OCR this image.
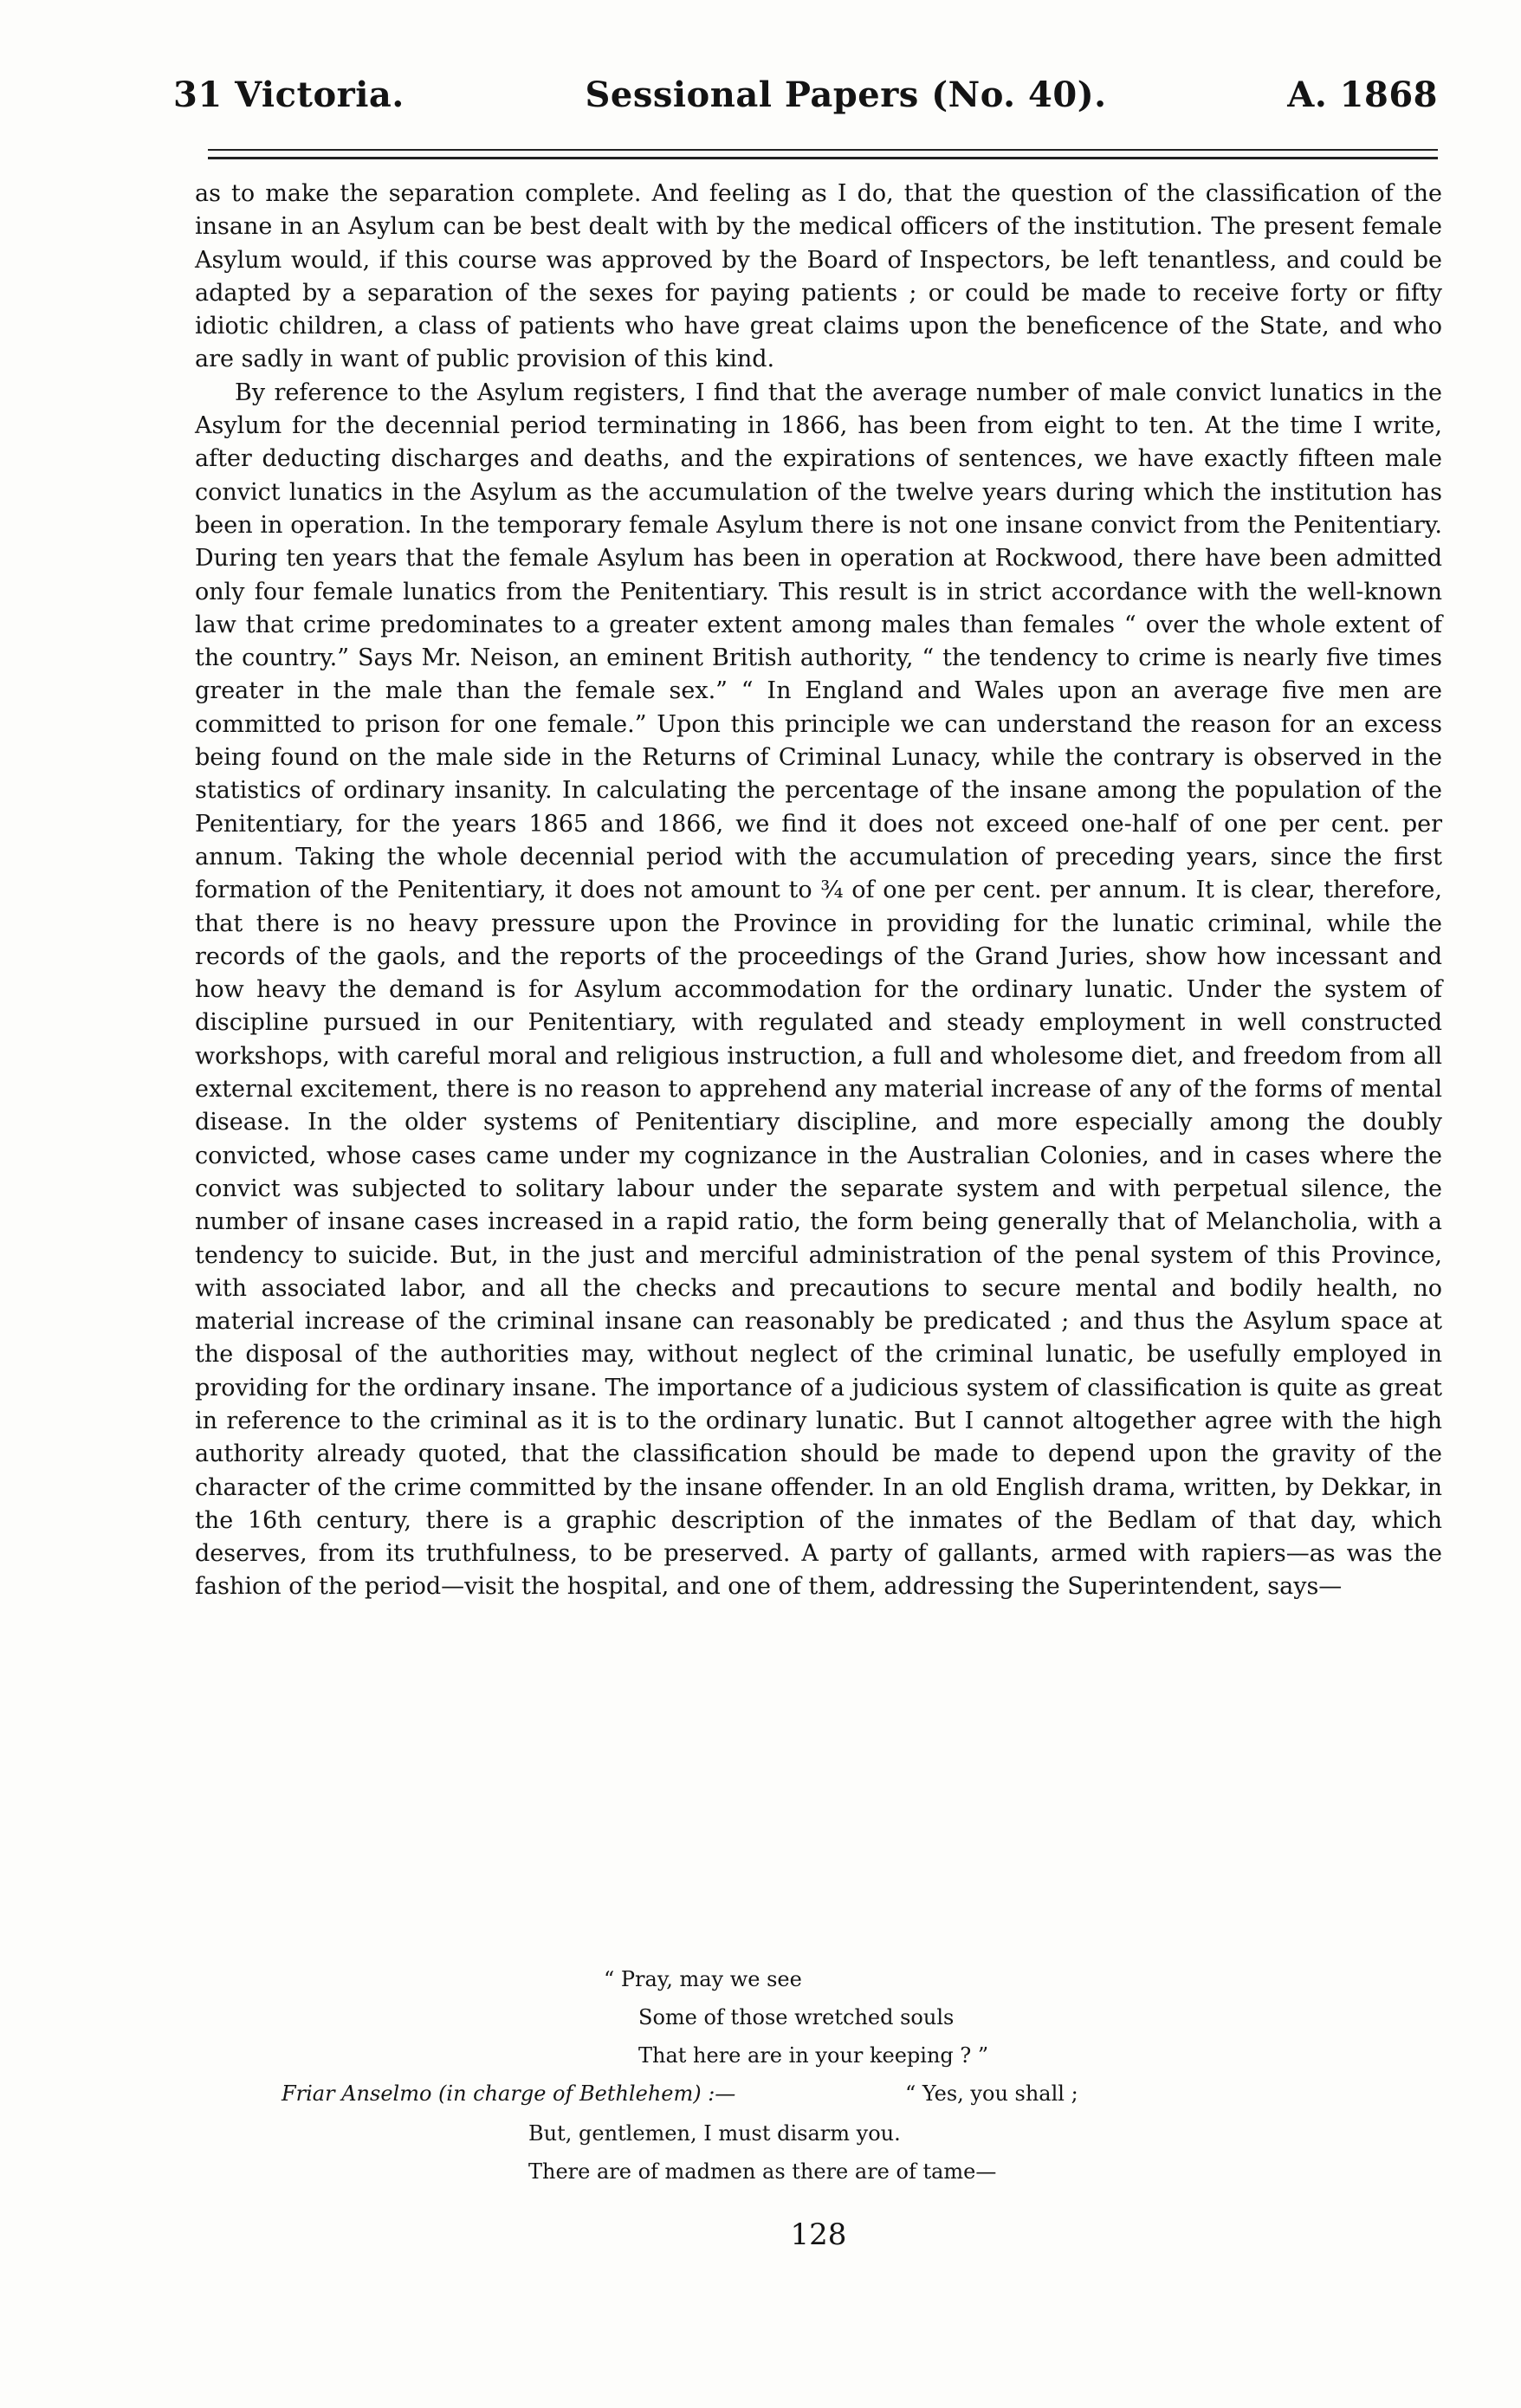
31 Victoria.	Sessional Papers (No. 40).	A. 1868

as to make the separation complete. And feeling as I do, that the question of the classification of the insane in an Asylum can be best dealt with by the medical officers of the institution. The present female Asylum would, if this course was approved by the Board of Inspectors, be left tenantless, and could be adapted by a separation of the sexes for paying patients ; or could be made to receive forty or fifty idiotic children, a class of patients who have great claims upon the beneficence of the State, and who are sadly in want of public provision of this kind.

By reference to the Asylum registers, I find that the average number of male convict lunatics in the Asylum for the decennial period terminating in 1866, has been from eight to ten. At the time I write, after deducting discharges and deaths, and the expirations of sentences, we have exactly fifteen male convict lunatics in the Asylum as the accumulation of the twelve years during which the institution has been in operation. In the temporary female Asylum there is not one insane convict from the Penitentiary. During ten years that the female Asylum has been in operation at Rockwood, there have been admitted only four female lunatics from the Penitentiary. This result is in strict accordance with the well-known law that crime predominates to a greater extent among males than females “ over the whole extent of the country.” Says Mr. Neison, an eminent British authority, “ the tendency to crime is nearly five times greater in the male than the female sex.” “ In England and Wales upon an average five men are committed to prison for one female.” Upon this principle we can understand the reason for an excess being found on the male side in the Returns of Criminal Lunacy, while the contrary is observed in the statistics of ordinary insanity. In calculating the percentage of the insane among the population of the Penitentiary, for the years 1865 and 1866, we find it does not exceed one-half of one per cent. per annum. Taking the whole decennial period with the accumulation of preceding years, since the first formation of the Penitentiary, it does not amount to ¾ of one per cent. per annum. It is clear, therefore, that there is no heavy pressure upon the Province in providing for the lunatic criminal, while the records of the gaols, and the reports of the proceedings of the Grand Juries, show how incessant and how heavy the demand is for Asylum accommodation for the ordinary lunatic. Under the system of discipline pursued in our Penitentiary, with regulated and steady employment in well constructed workshops, with careful moral and religious instruction, a full and wholesome diet, and freedom from all external excitement, there is no reason to apprehend any material increase of any of the forms of mental disease. In the older systems of Penitentiary discipline, and more especially among the doubly convicted, whose cases came under my cognizance in the Australian Colonies, and in cases where the convict was subjected to solitary labour under the separate system and with perpetual silence, the number of insane cases increased in a rapid ratio, the form being generally that of Melancholia, with a tendency to suicide. But, in the just and merciful administration of the penal system of this Province, with associated labor, and all the checks and precautions to secure mental and bodily health, no material increase of the criminal insane can reasonably be predicated ; and thus the Asylum space at the disposal of the authorities may, without neglect of the criminal lunatic, be usefully employed in providing for the ordinary insane. The importance of a judicious system of classification is quite as great in reference to the criminal as it is to the ordinary lunatic. But I cannot altogether agree with the high authority already quoted, that the classification should be made to depend upon the gravity of the character of the crime committed by the insane offender. In an old English drama, written, by Dekkar, in the 16th century, there is a graphic description of the inmates of the Bedlam of that day, which deserves, from its truthfulness, to be preserved. A party of gallants, armed with rapiers—as was the fashion of the period—visit the hospital, and one of them, addressing the Superintendent, says—

“ Pray, may we see
Some of those wretched souls
That here are in your keeping ? ”
Friar Anselmo (in charge of Bethlehem) :—	“ Yes, you shall ;
But, gentlemen, I must disarm you.
There are of madmen as there are of tame—
128
